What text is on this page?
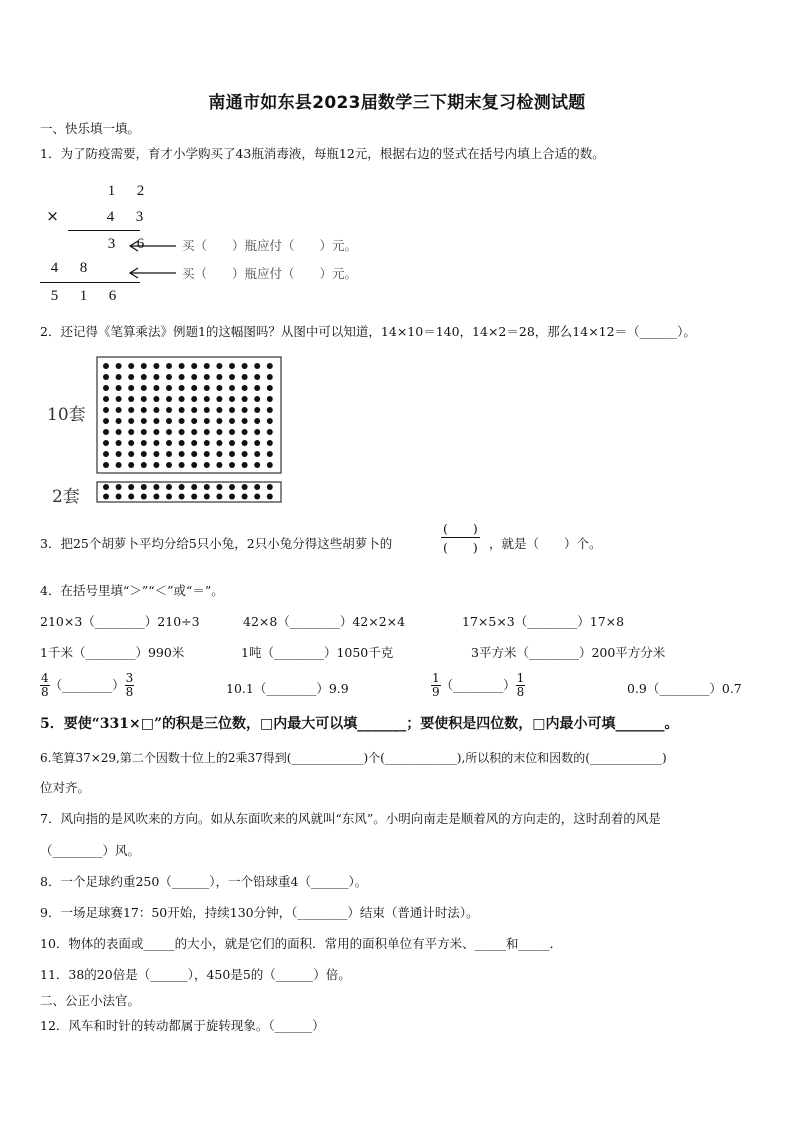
南通市如东县2023届数学三下期末复习检测试题
一、快乐填一填。
1．为了防疫需要，育才小学购买了43瓶消毒液，每瓶12元，根据右边的竖式在括号内填上合适的数。
1 2
×	4 3
3 6
4 8
5 1 6
买（　　）瓶应付（　　）元。
买（　　）瓶应付（　　）元。
2．还记得《笔算乘法》例题1的这幅图吗？从图中可以知道，14×10＝140，14×2＝28，那么14×12＝（______）。
10套
2套
3．把25个胡萝卜平均分给5只小兔，2只小兔分得这些胡萝卜的
(　　)
(　　) ，就是（　　）个。
4．在括号里填“＞”“＜”或“＝”。
210×3（________）210÷3	42×8（________）42×2×4	17×5×3（________）17×8
1千米（________）990米	1吨（________）1050千克	3平方米（________）200平方分米
$\frac{4}{8}$ （________） $\frac{3}{8}$	10.1（________）9.9	$\frac{1}{9}$ （________） $\frac{1}{8}$	0.9（________）0.7
5．要使“331×□”的积是三位数，□内最大可以填_______；要使积是四位数，□内最小可填_______。
6.笔算37×29,第二个因数十位上的2乘37得到(____________)个(____________),所以积的末位和因数的(____________)
位对齐。
7．风向指的是风吹来的方向。如从东面吹来的风就叫“东风”。小明向南走是顺着风的方向走的，这时刮着的风是
（________）风。
8．一个足球约重250（______），一个铅球重4（______）。
9．一场足球赛17：50开始，持续130分钟，（________）结束（普通计时法）。
10．物体的表面或_____的大小，就是它们的面积．常用的面积单位有平方米、_____和_____．
11．38的20倍是（______），450是5的（______）倍。
二、公正小法官。
12．风车和时针的转动都属于旋转现象。（______）
